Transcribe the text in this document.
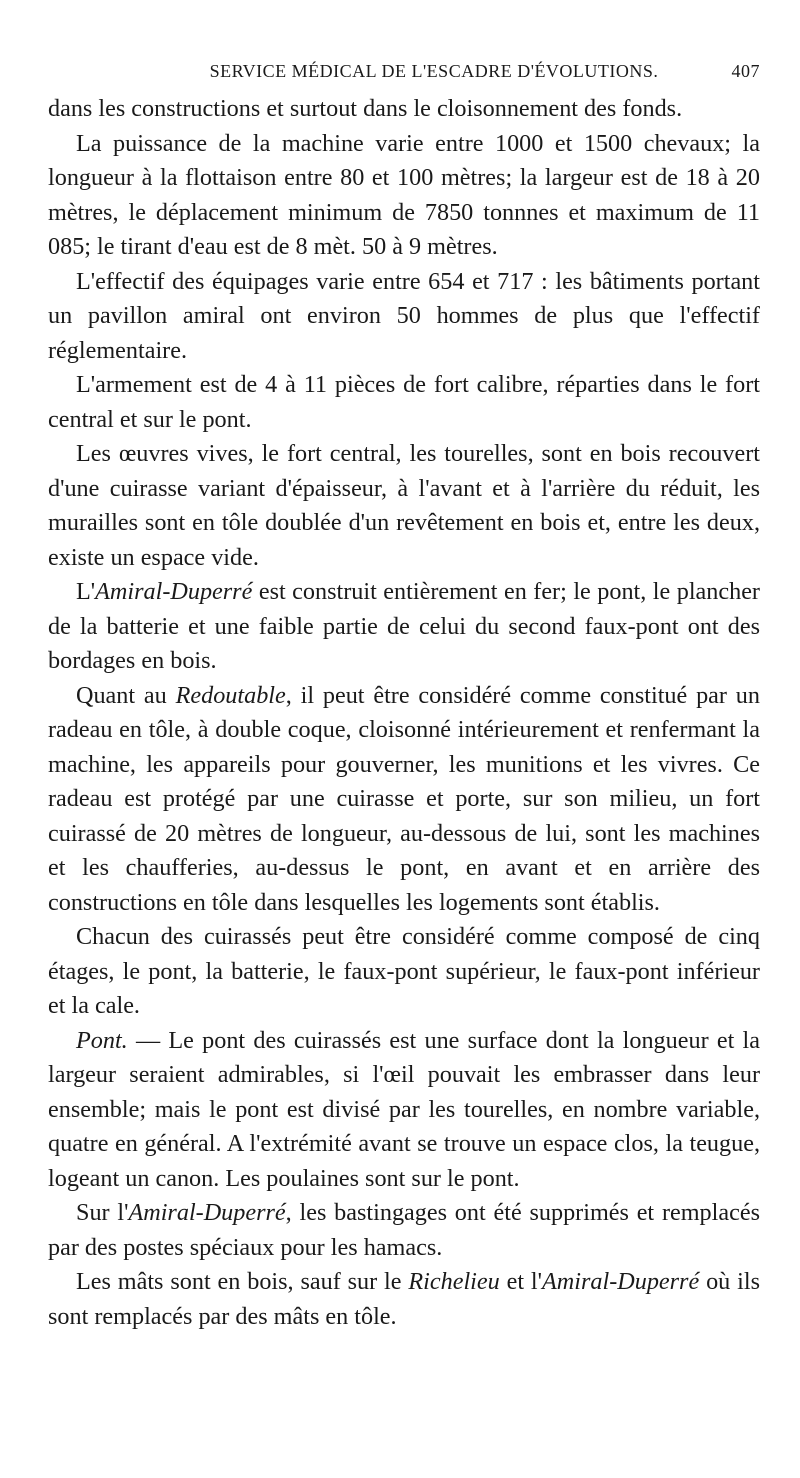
SERVICE MÉDICAL DE L'ESCADRE D'ÉVOLUTIONS.	407

dans les constructions et surtout dans le cloisonnement des fonds.

La puissance de la machine varie entre 1000 et 1500 chevaux; la longueur à la flottaison entre 80 et 100 mètres; la largeur est de 18 à 20 mètres, le déplacement minimum de 7850 tonnnes et maximum de 11 085; le tirant d'eau est de 8 mèt. 50 à 9 mètres.

L'effectif des équipages varie entre 654 et 717 : les bâtiments portant un pavillon amiral ont environ 50 hommes de plus que l'effectif réglementaire.

L'armement est de 4 à 11 pièces de fort calibre, réparties dans le fort central et sur le pont.

Les œuvres vives, le fort central, les tourelles, sont en bois recouvert d'une cuirasse variant d'épaisseur, à l'avant et à l'arrière du réduit, les murailles sont en tôle doublée d'un revêtement en bois et, entre les deux, existe un espace vide.

L'Amiral-Duperré est construit entièrement en fer; le pont, le plancher de la batterie et une faible partie de celui du second faux-pont ont des bordages en bois.

Quant au Redoutable, il peut être considéré comme constitué par un radeau en tôle, à double coque, cloisonné intérieurement et renfermant la machine, les appareils pour gouverner, les munitions et les vivres. Ce radeau est protégé par une cuirasse et porte, sur son milieu, un fort cuirassé de 20 mètres de longueur, au-dessous de lui, sont les machines et les chaufferies, au-dessus le pont, en avant et en arrière des constructions en tôle dans lesquelles les logements sont établis.

Chacun des cuirassés peut être considéré comme composé de cinq étages, le pont, la batterie, le faux-pont supérieur, le faux-pont inférieur et la cale.

Pont. — Le pont des cuirassés est une surface dont la longueur et la largeur seraient admirables, si l'œil pouvait les embrasser dans leur ensemble; mais le pont est divisé par les tourelles, en nombre variable, quatre en général. A l'extrémité avant se trouve un espace clos, la teugue, logeant un canon. Les poulaines sont sur le pont.

Sur l'Amiral-Duperré, les bastingages ont été supprimés et remplacés par des postes spéciaux pour les hamacs.

Les mâts sont en bois, sauf sur le Richelieu et l'Amiral-Duperré où ils sont remplacés par des mâts en tôle.
